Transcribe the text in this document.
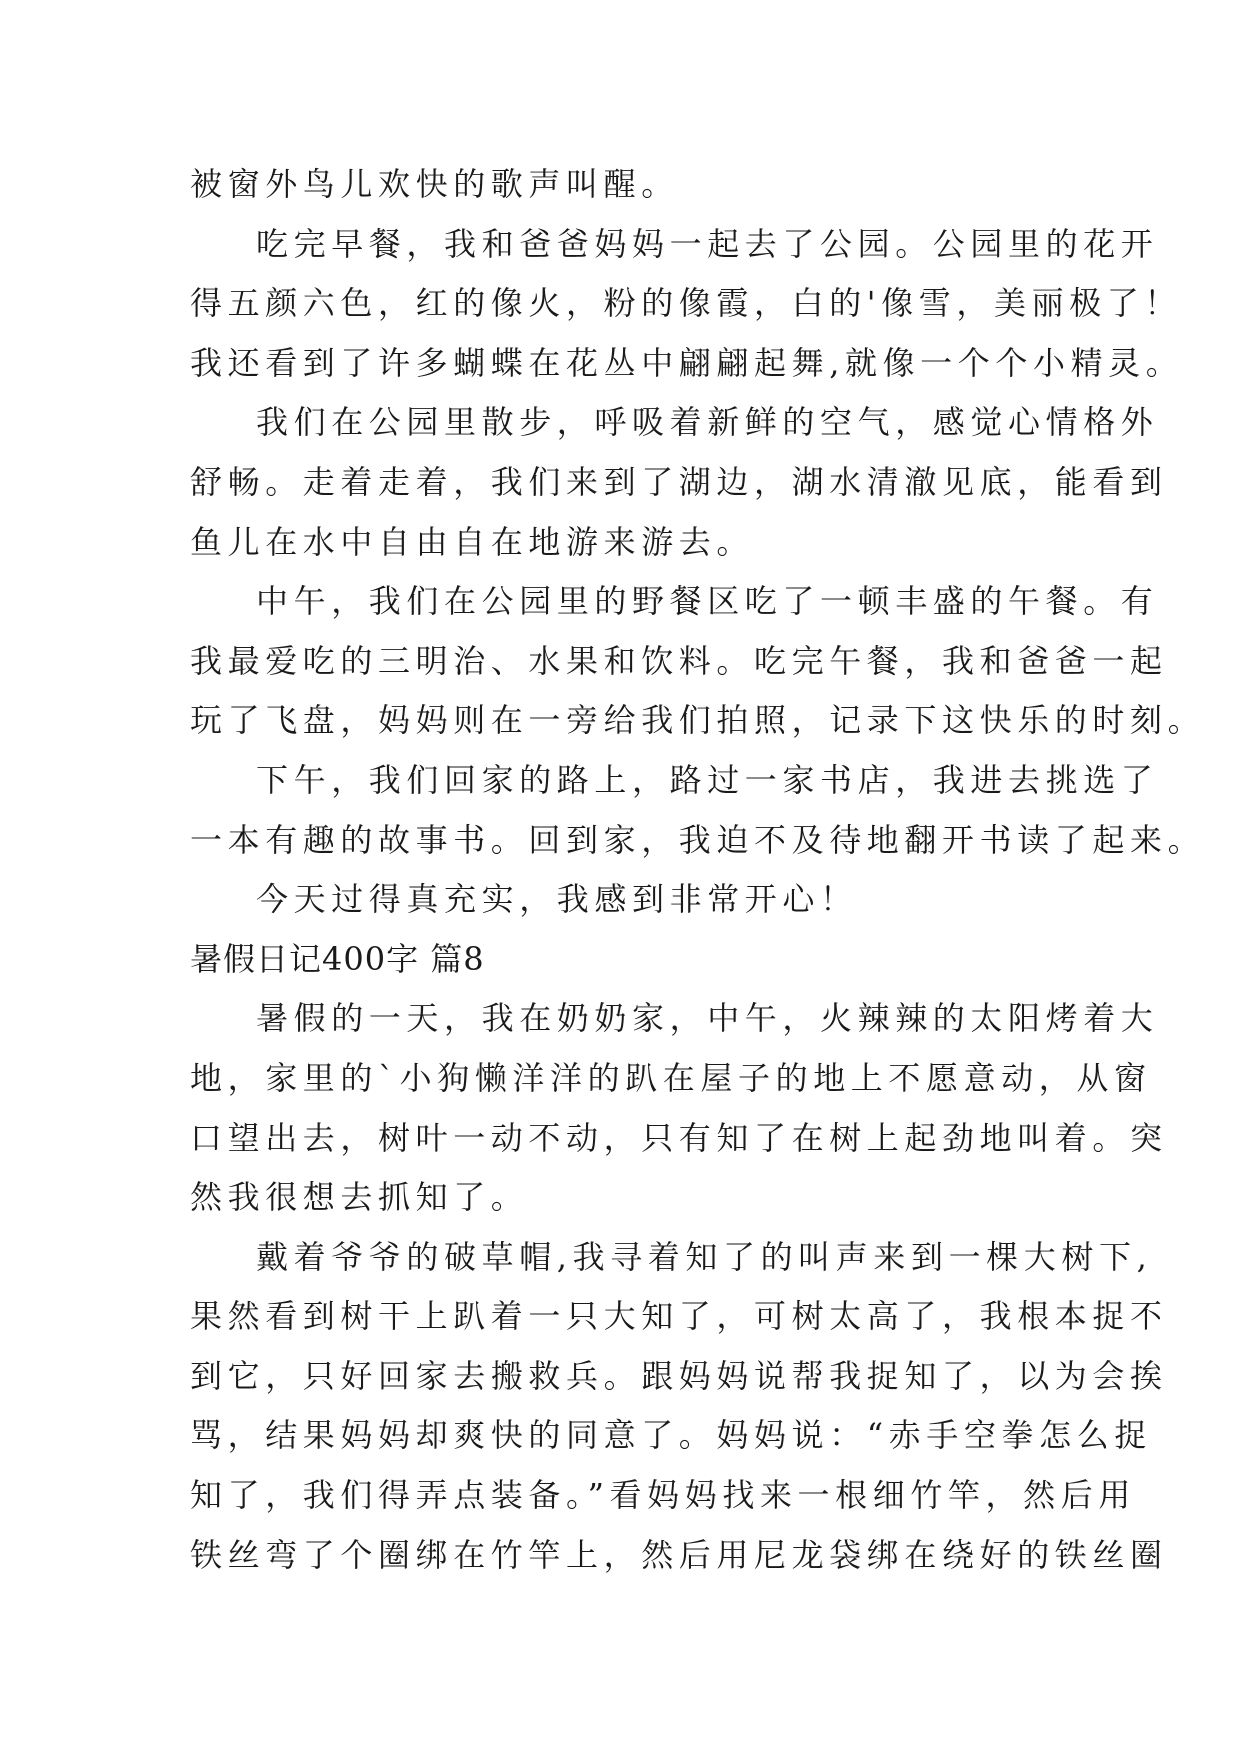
被窗外鸟儿欢快的歌声叫醒。
吃完早餐，我和爸爸妈妈一起去了公园。公园里的花开
得五颜六色，红的像火，粉的像霞，白的'像雪，美丽极了！
我还看到了许多蝴蝶在花丛中翩翩起舞,就像一个个小精灵。
我们在公园里散步，呼吸着新鲜的空气，感觉心情格外
舒畅。走着走着，我们来到了湖边，湖水清澈见底，能看到
鱼儿在水中自由自在地游来游去。
中午，我们在公园里的野餐区吃了一顿丰盛的午餐。有
我最爱吃的三明治、水果和饮料。吃完午餐，我和爸爸一起
玩了飞盘，妈妈则在一旁给我们拍照，记录下这快乐的时刻。
下午，我们回家的路上，路过一家书店，我进去挑选了
一本有趣的故事书。回到家，我迫不及待地翻开书读了起来。
今天过得真充实，我感到非常开心！
暑假日记400字 篇8
暑假的一天，我在奶奶家，中午，火辣辣的太阳烤着大
地，家里的`小狗懒洋洋的趴在屋子的地上不愿意动，从窗
口望出去，树叶一动不动，只有知了在树上起劲地叫着。突
然我很想去抓知了。
戴着爷爷的破草帽,我寻着知了的叫声来到一棵大树下,
果然看到树干上趴着一只大知了，可树太高了，我根本捉不
到它，只好回家去搬救兵。跟妈妈说帮我捉知了，以为会挨
骂，结果妈妈却爽快的同意了。妈妈说：“赤手空拳怎么捉
知了，我们得弄点装备。”看妈妈找来一根细竹竿，然后用
铁丝弯了个圈绑在竹竿上，然后用尼龙袋绑在绕好的铁丝圈
